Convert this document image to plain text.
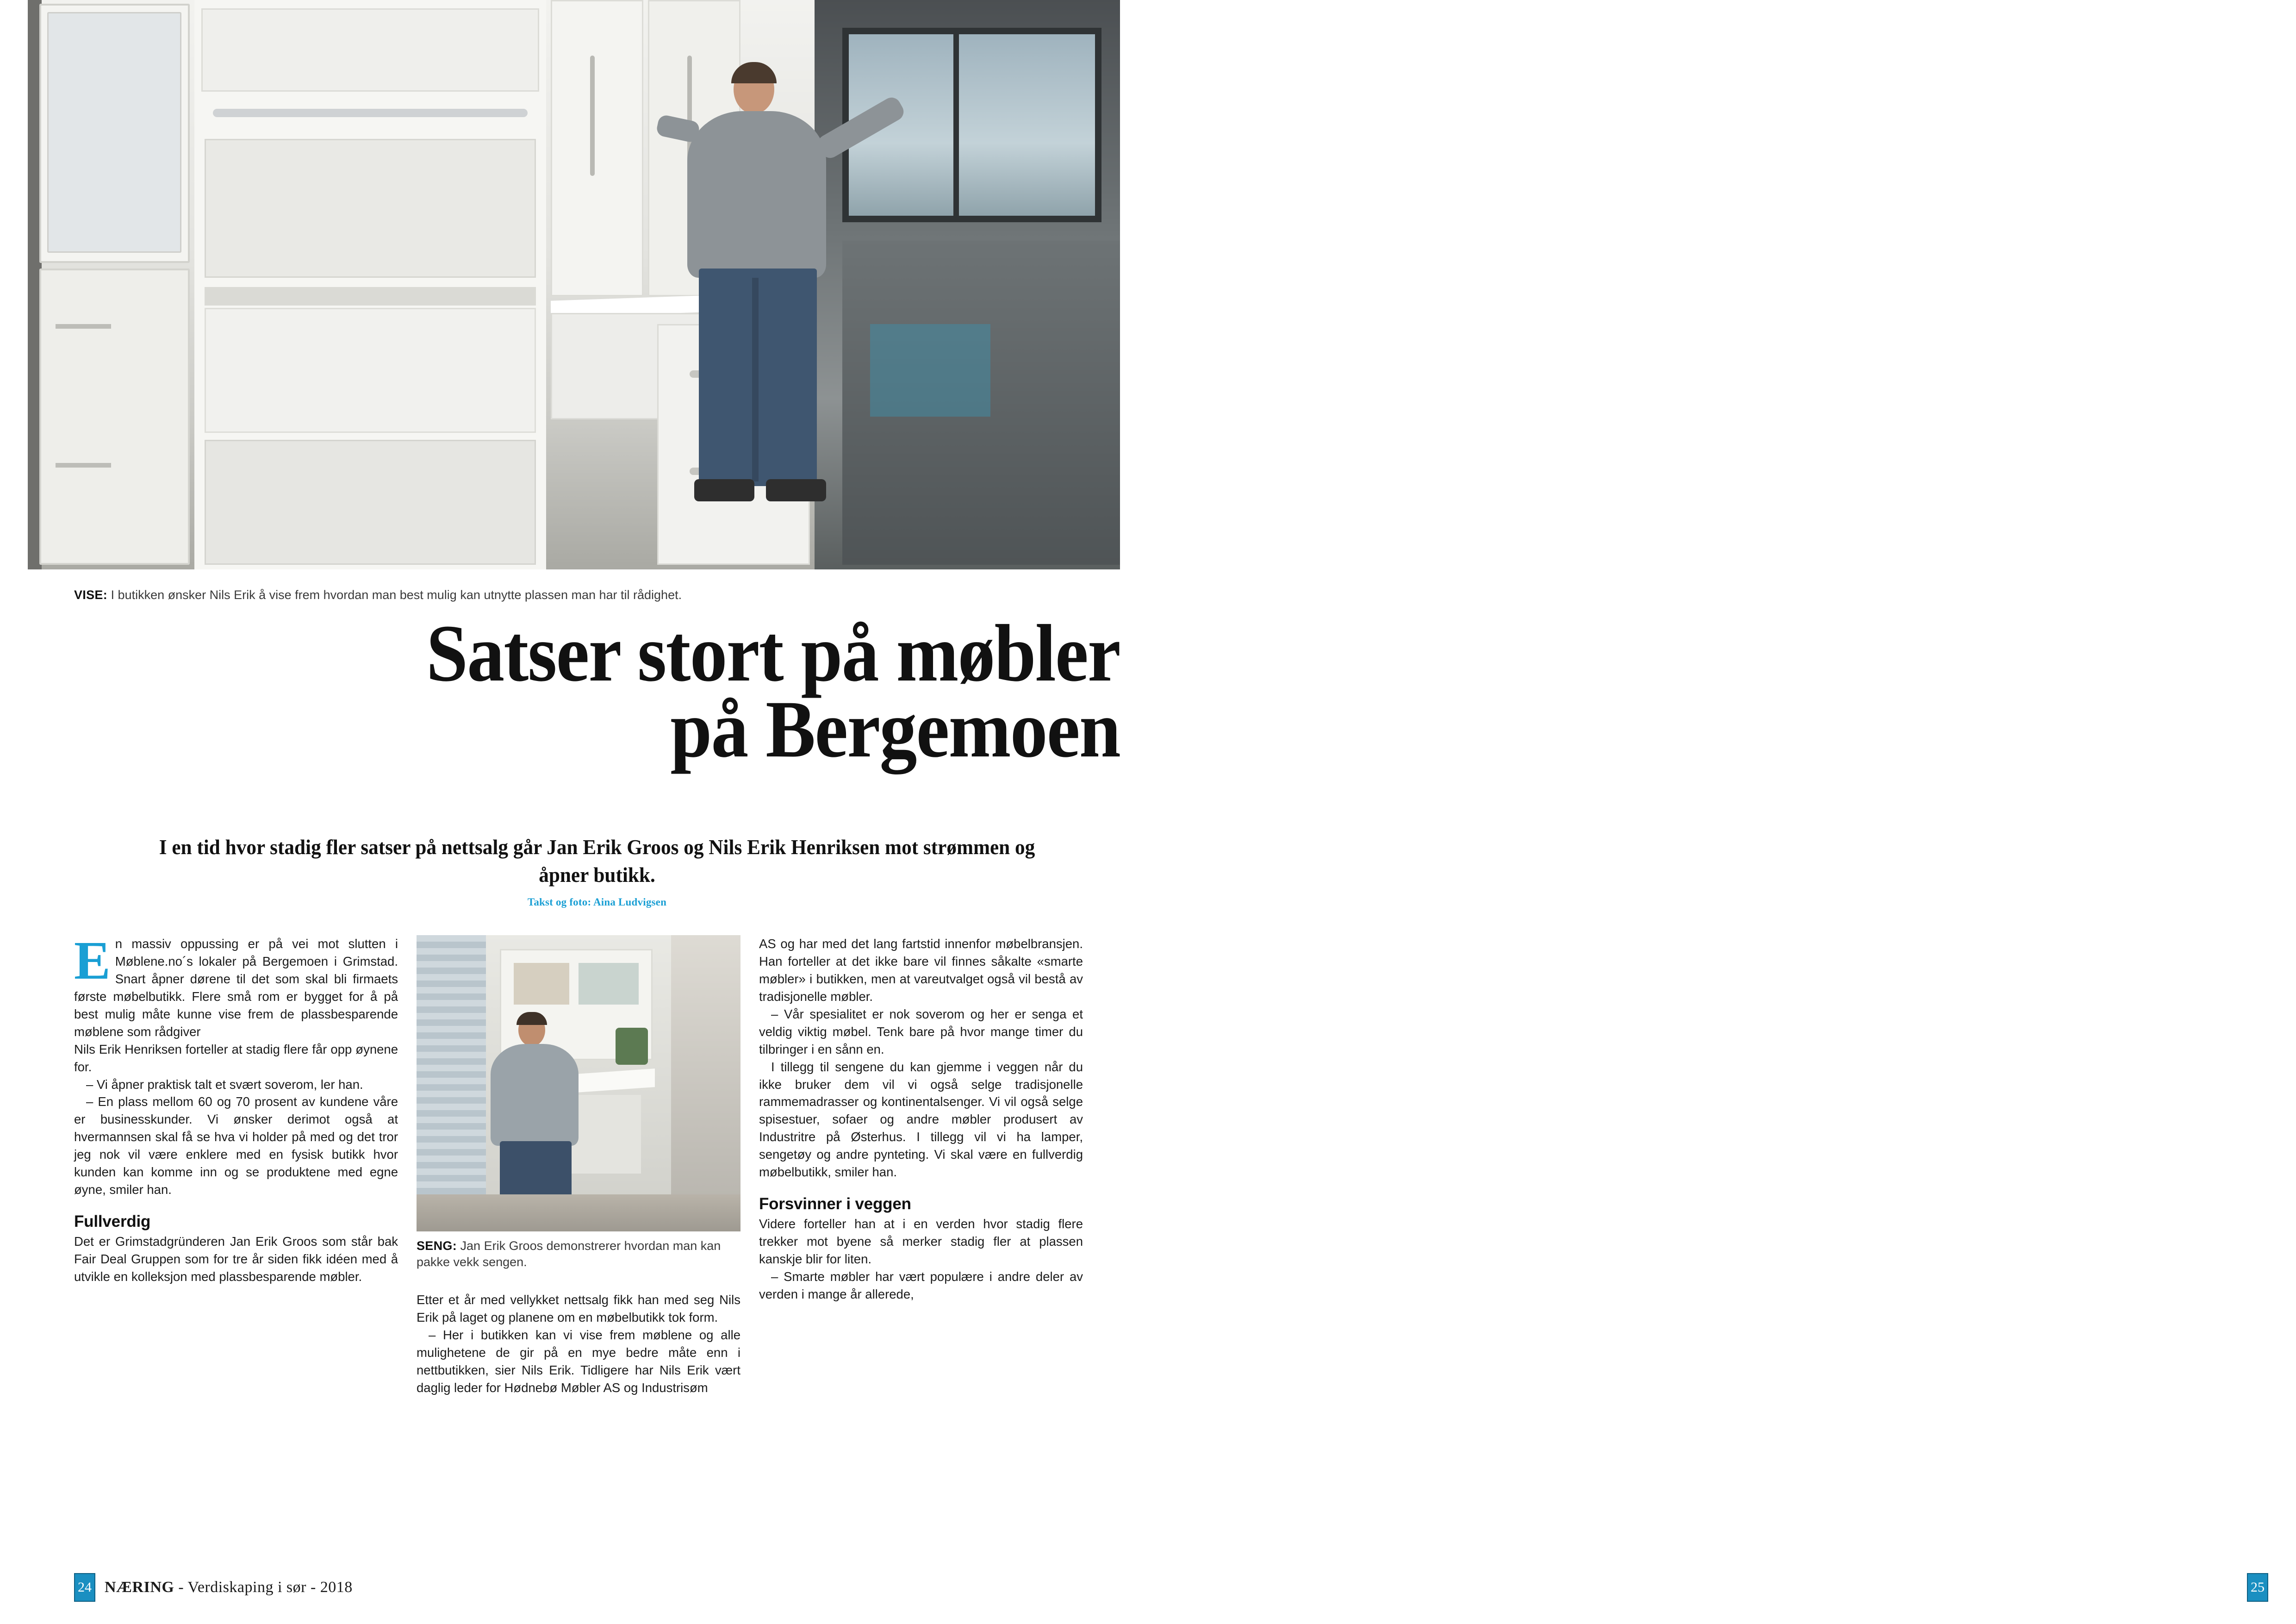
VISE: I butikken ønsker Nils Erik å vise frem hvordan man best mulig kan utnytte plassen man har til rådighet.
Satser stort på møbler
på Bergemoen
I en tid hvor stadig fler satser på nettsalg går Jan Erik Groos og Nils Erik Henriksen mot strømmen og åpner butikk.
Takst og foto: Aina Ludvigsen

En massiv oppussing er på vei mot slutten i Møblene.no´s lokaler på Bergemoen i Grimstad. Snart åpner dørene til det som skal bli firmaets første møbelbutikk. Flere små rom er bygget for å på best mulig måte kunne vise frem de plassbesparende møblene som rådgiver

Nils Erik Henriksen forteller at stadig flere får opp øynene for.

– Vi åpner praktisk talt et svært soverom, ler han.

– En plass mellom 60 og 70 prosent av kundene våre er businesskunder. Vi ønsker derimot også at hvermannsen skal få se hva vi holder på med og det tror jeg nok vil være enklere med en fysisk butikk hvor kunden kan komme inn og se produktene med egne øyne, smiler han.

Fullverdig

Det er Grimstadgründeren Jan Erik Groos som står bak Fair Deal Gruppen som for tre år siden fikk idéen med å utvikle en kolleksjon med plassbesparende møbler.

SENG: Jan Erik Groos demonstrerer hvordan man kan pakke vekk sengen.

Etter et år med vellykket nettsalg fikk han med seg Nils Erik på laget og planene om en møbelbutikk tok form.

– Her i butikken kan vi vise frem møblene og alle mulighetene de gir på en mye bedre måte enn i nettbutikken, sier Nils Erik. Tidligere har Nils Erik vært daglig leder for Hødnebø Møbler AS og Industrisøm

AS og har med det lang fartstid innenfor møbelbransjen. Han forteller at det ikke bare vil finnes såkalte «smarte møbler» i butikken, men at vareutvalget også vil bestå av tradisjonelle møbler.

– Vår spesialitet er nok soverom og her er senga et veldig viktig møbel. Tenk bare på hvor mange timer du tilbringer i en sånn en.

I tillegg til sengene du kan gjemme i veggen når du ikke bruker dem vil vi også selge tradisjonelle rammemadrasser og kontinentalsenger. Vi vil også selge spisestuer, sofaer og andre møbler produsert av Industritre på Østerhus. I tillegg vil vi ha lamper, sengetøy og andre pynteting. Vi skal være en fullverdig møbelbutikk, smiler han.

Forsvinner i veggen

Videre forteller han at i en verden hvor stadig flere trekker mot byene så merker stadig fler at plassen kanskje blir for liten.

– Smarte møbler har vært populære i andre deler av verden i mange år allerede,

24 NÆRING - Verdiskaping i sør - 2018	25
